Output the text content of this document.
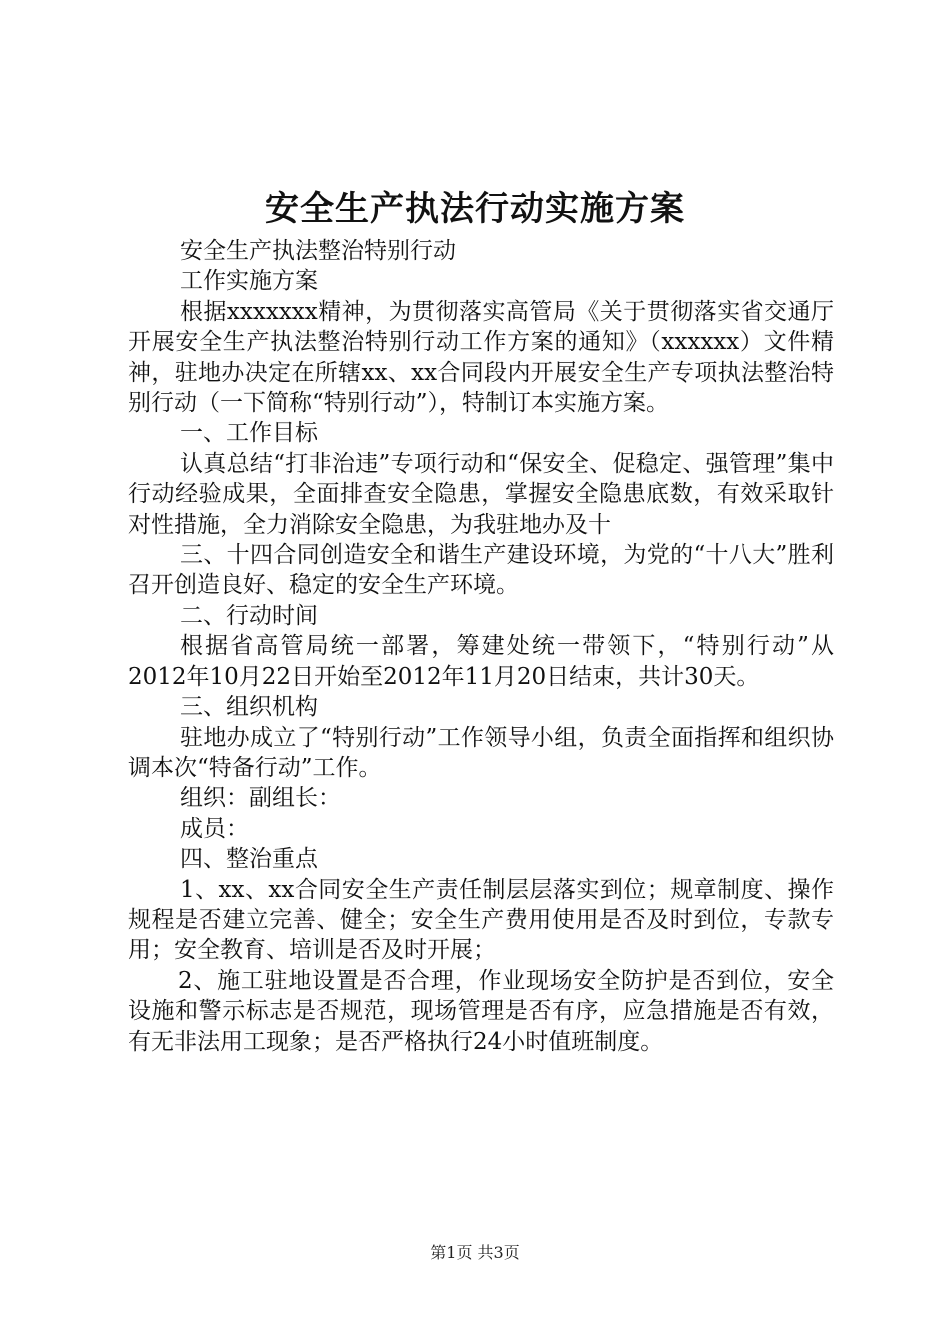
安全生产执法行动实施方案

安全生产执法整治特别行动

工作实施方案

根据xxxxxxx精神，为贯彻落实高管局《关于贯彻落实省交通厅开展安全生产执法整治特别行动工作方案的通知》（xxxxxx）文件精神，驻地办决定在所辖xx、xx合同段内开展安全生产专项执法整治特别行动（一下简称“特别行动”），特制订本实施方案。

一、工作目标

认真总结“打非治违”专项行动和“保安全、促稳定、强管理”集中行动经验成果，全面排查安全隐患，掌握安全隐患底数，有效采取针对性措施，全力消除安全隐患，为我驻地办及十

三、十四合同创造安全和谐生产建设环境，为党的“十八大”胜利召开创造良好、稳定的安全生产环境。

二、行动时间

根据省高管局统一部署，筹建处统一带领下，“特别行动”从2012年10月22日开始至2012年11月20日结束，共计30天。

三、组织机构

驻地办成立了“特别行动”工作领导小组，负责全面指挥和组织协调本次“特备行动”工作。

组织：副组长：

成员：

四、整治重点

1、xx、xx合同安全生产责任制层层落实到位；规章制度、操作规程是否建立完善、健全；安全生产费用使用是否及时到位，专款专用；安全教育、培训是否及时开展；

2、施工驻地设置是否合理，作业现场安全防护是否到位，安全设施和警示标志是否规范，现场管理是否有序，应急措施是否有效，有无非法用工现象；是否严格执行24小时值班制度。

第1页 共3页
